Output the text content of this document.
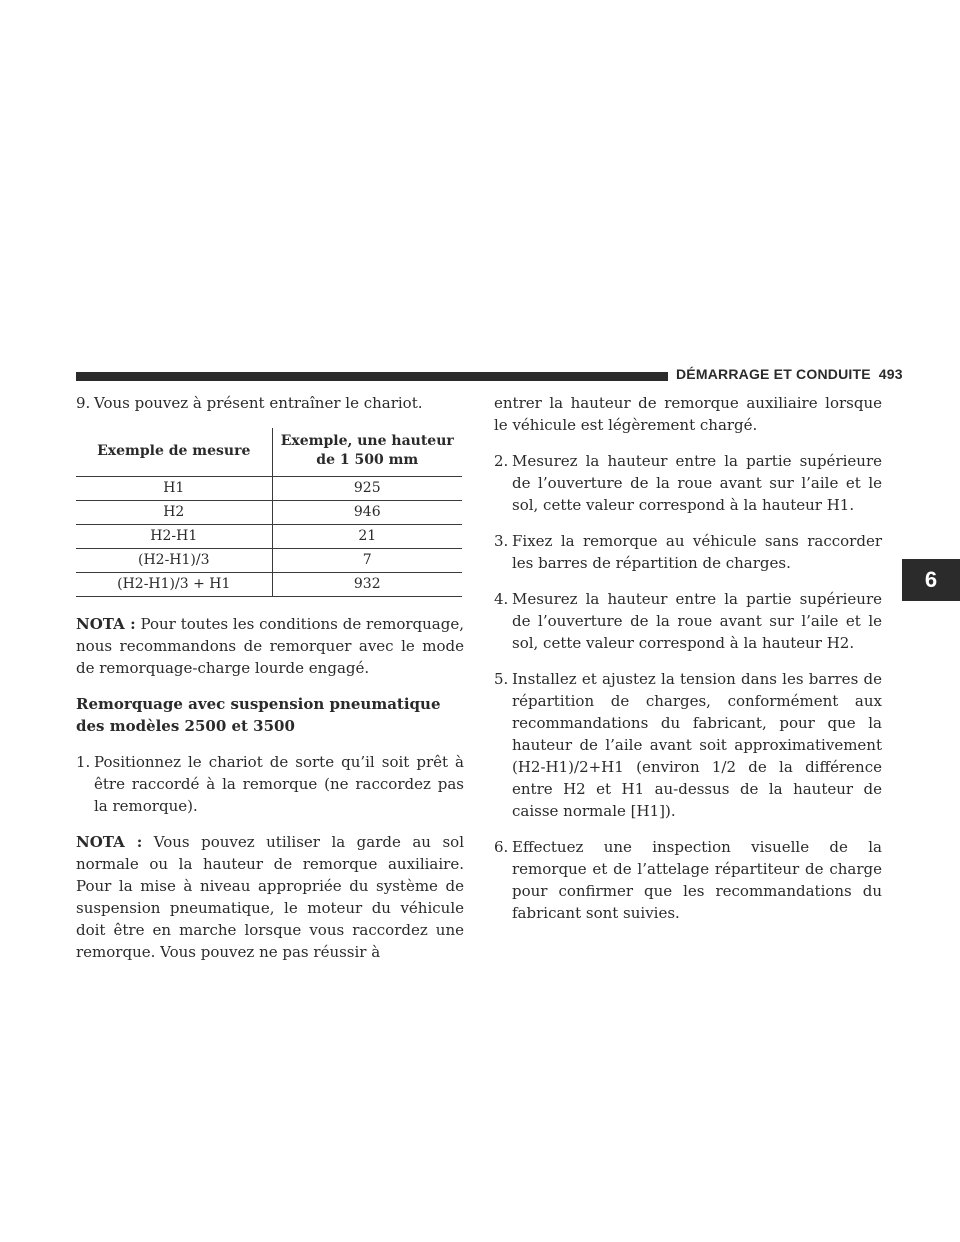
DÉMARRAGE ET CONDUITE 493
6
9. Vous pouvez à présent entraîner le chariot.
Exemple de mesure	Exemple, une hauteur de 1 500 mm
H1	925
H2	946
H2-H1	21
(H2-H1)/3	7
(H2-H1)/3 + H1	932

NOTA : Pour toutes les conditions de remorquage, nous recommandons de remorquer avec le mode de remorquage-charge lourde engagé.

Remorquage avec suspension pneumatique des modèles 2500 et 3500
1. Positionnez le chariot de sorte qu’il soit prêt à être raccordé à la remorque (ne raccordez pas la remorque).

NOTA : Vous pouvez utiliser la garde au sol normale ou la hauteur de remorque auxiliaire. Pour la mise à niveau appropriée du système de suspension pneumatique, le moteur du véhicule doit être en marche lorsque vous raccordez une remorque. Vous pouvez ne pas réussir à

entrer la hauteur de remorque auxiliaire lorsque le véhicule est légèrement chargé.

2. Mesurez la hauteur entre la partie supérieure de l’ouverture de la roue avant sur l’aile et le sol, cette valeur correspond à la hauteur H1.
3. Fixez la remorque au véhicule sans raccorder les barres de répartition de charges.
4. Mesurez la hauteur entre la partie supérieure de l’ouverture de la roue avant sur l’aile et le sol, cette valeur correspond à la hauteur H2.
5. Installez et ajustez la tension dans les barres de répartition de charges, conformément aux recommandations du fabricant, pour que la hauteur de l’aile avant soit approximativement (H2-H1)/2+H1 (environ 1/2 de la différence entre H2 et H1 au-dessus de la hauteur de caisse normale [H1]).
6. Effectuez une inspection visuelle de la remorque et de l’attelage répartiteur de charge pour confirmer que les recommandations du fabricant sont suivies.
